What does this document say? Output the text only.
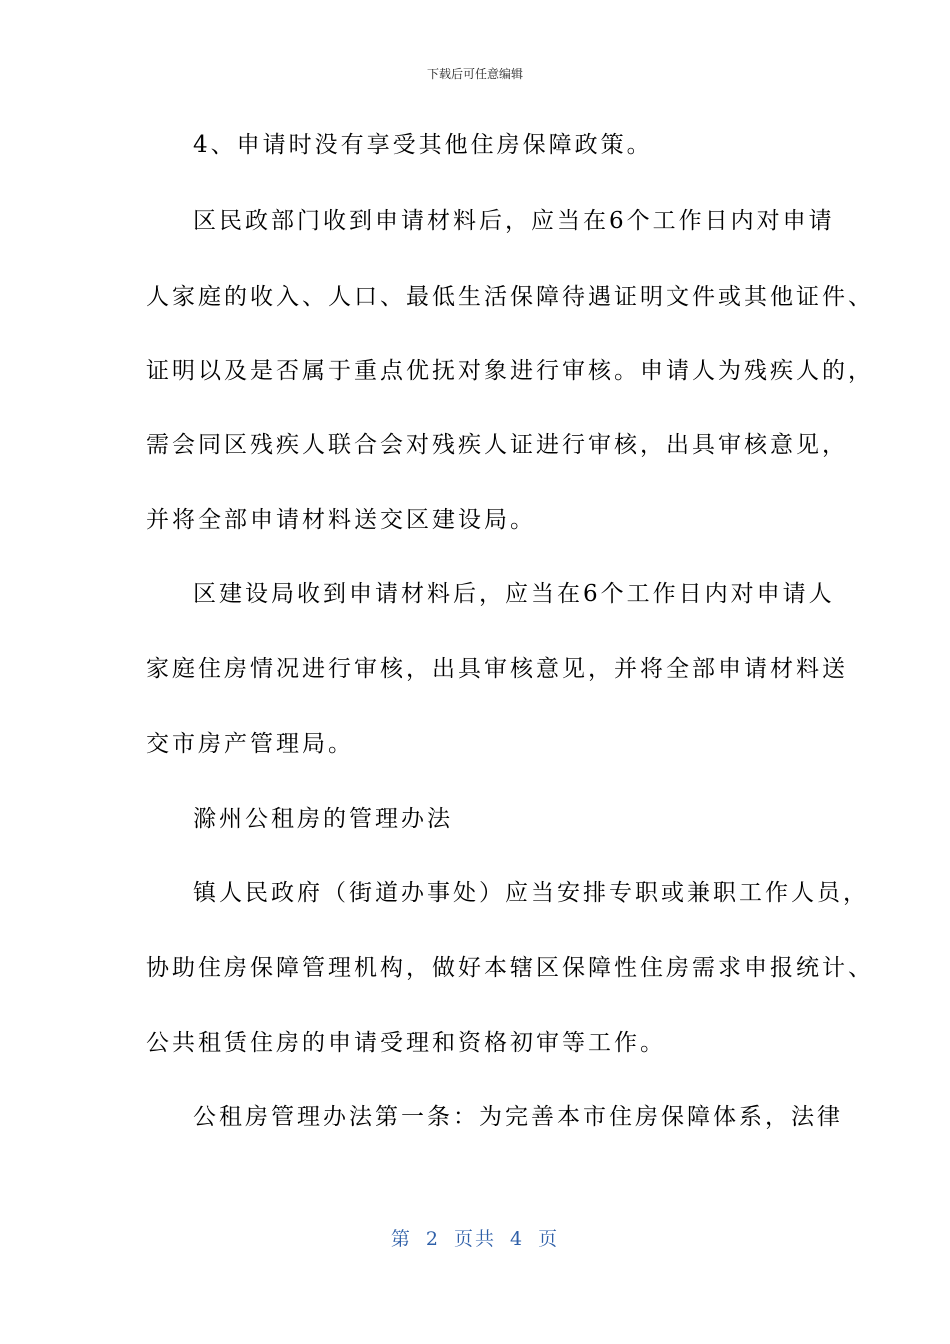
下载后可任意编辑
4、申请时没有享受其他住房保障政策。
区民政部门收到申请材料后，应当在6个工作日内对申请
人家庭的收入、人口、最低生活保障待遇证明文件或其他证件、
证明以及是否属于重点优抚对象进行审核。申请人为残疾人的，
需会同区残疾人联合会对残疾人证进行审核，出具审核意见，
并将全部申请材料送交区建设局。
区建设局收到申请材料后，应当在6个工作日内对申请人
家庭住房情况进行审核，出具审核意见，并将全部申请材料送
交市房产管理局。
滁州公租房的管理办法
镇人民政府（街道办事处）应当安排专职或兼职工作人员，
协助住房保障管理机构，做好本辖区保障性住房需求申报统计、
公共租赁住房的申请受理和资格初审等工作。
公租房管理办法第一条：为完善本市住房保障体系，法律
第 2 页共 4 页
